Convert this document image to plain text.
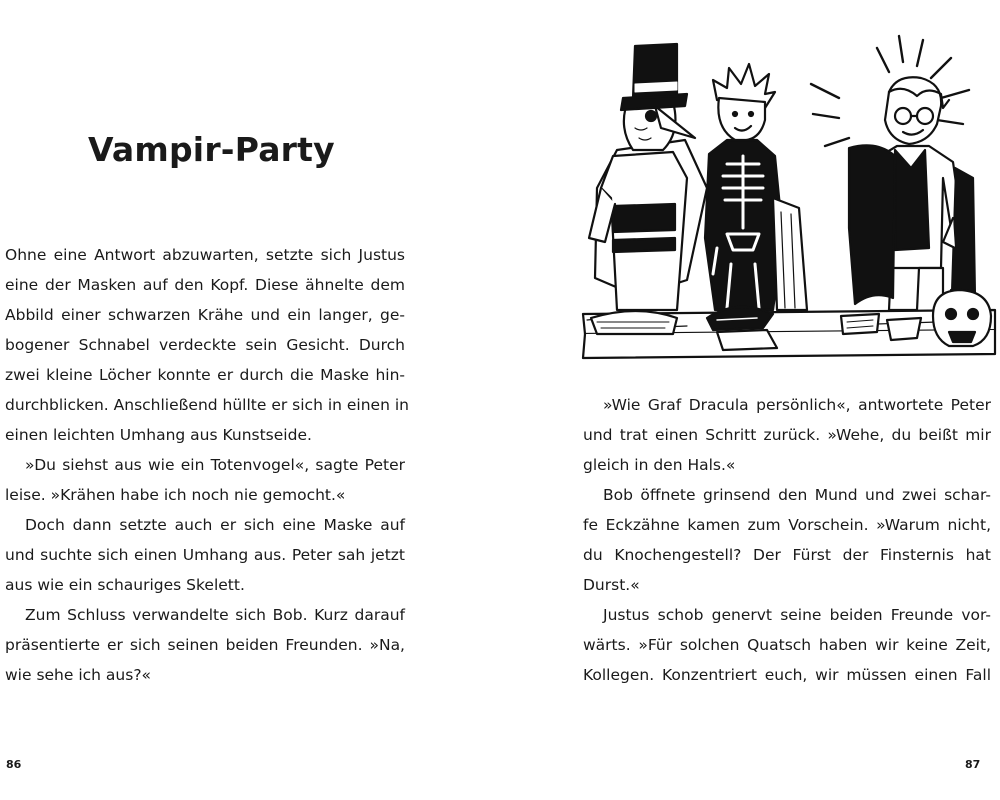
Vampir-Party

Ohne eine Antwort abzuwarten, setzte sich Justus
eine der Masken auf den Kopf. Diese ähnelte dem
Abbild einer schwarzen Krähe und ein langer, ge-
bogener Schnabel verdeckte sein Gesicht. Durch
zwei kleine Löcher konnte er durch die Maske hin-
durchblicken. Anschließend hüllte er sich in einen in
einen leichten Umhang aus Kunstseide.

»Du siehst aus wie ein Totenvogel«, sagte Peter
leise. »Krähen habe ich noch nie gemocht.«

Doch dann setzte auch er sich eine Maske auf
und suchte sich einen Umhang aus. Peter sah jetzt
aus wie ein schauriges Skelett.

Zum Schluss verwandelte sich Bob. Kurz darauf
präsentierte er sich seinen beiden Freunden. »Na,
wie sehe ich aus?«

86

»Wie Graf Dracula persönlich«, antwortete Peter
und trat einen Schritt zurück. »Wehe, du beißt mir
gleich in den Hals.«

Bob öffnete grinsend den Mund und zwei schar-
fe Eckzähne kamen zum Vorschein. »Warum nicht,
du Knochengestell? Der Fürst der Finsternis hat
Durst.«

Justus schob genervt seine beiden Freunde vor-
wärts. »Für solchen Quatsch haben wir keine Zeit,
Kollegen. Konzentriert euch, wir müssen einen Fall

87
